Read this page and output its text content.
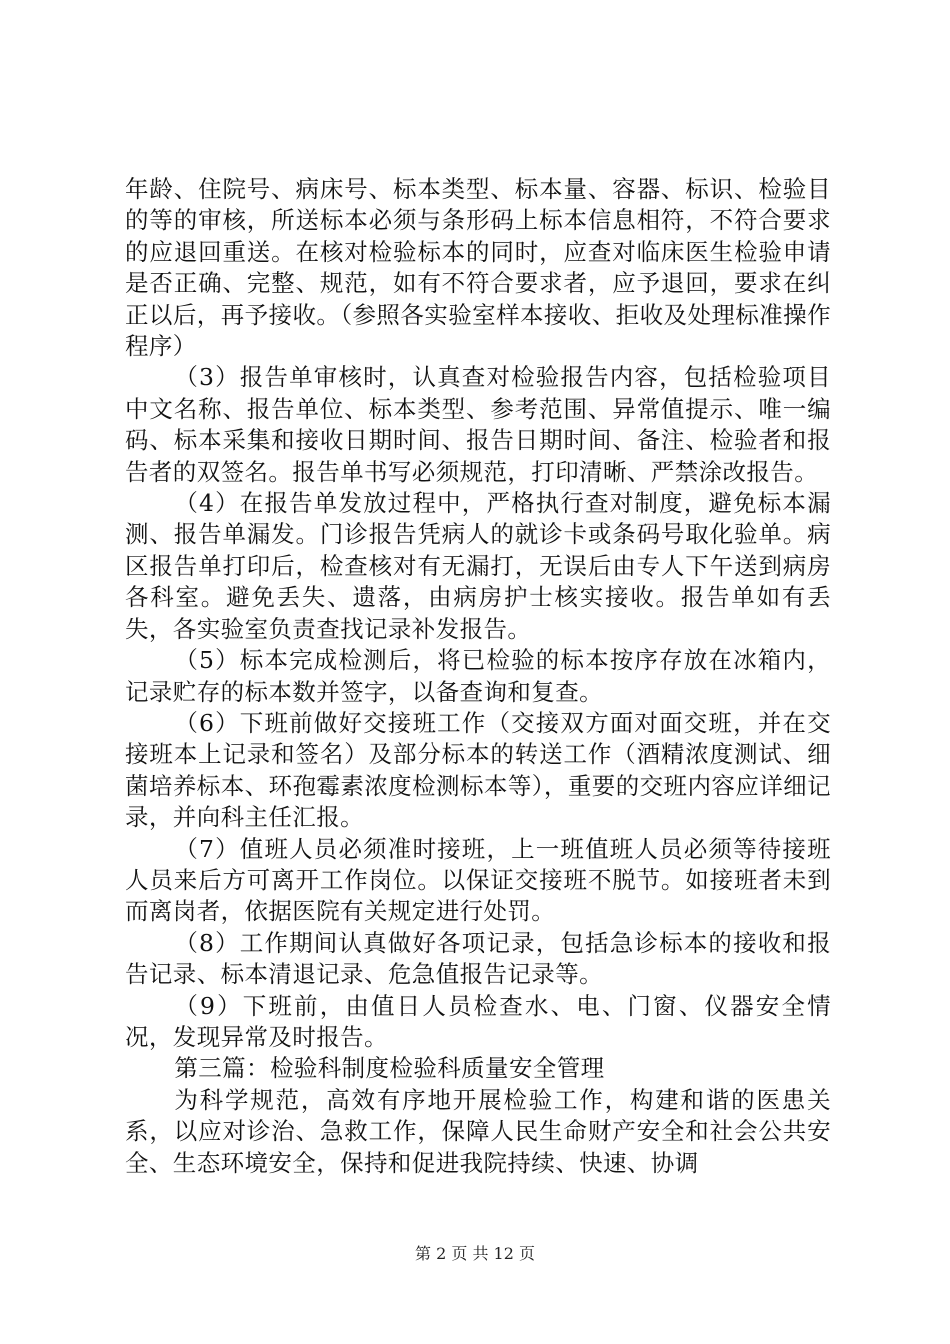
年龄、住院号、病床号、标本类型、标本量、容器、标识、检验目的等的审核，所送标本必须与条形码上标本信息相符，不符合要求的应退回重送。在核对检验标本的同时，应查对临床医生检验申请是否正确、完整、规范，如有不符合要求者，应予退回，要求在纠正以后，再予接收。（参照各实验室样本接收、拒收及处理标准操作程序）

（3）报告单审核时，认真查对检验报告内容，包括检验项目中文名称、报告单位、标本类型、参考范围、异常值提示、唯一编码、标本采集和接收日期时间、报告日期时间、备注、检验者和报告者的双签名。报告单书写必须规范，打印清晰、严禁涂改报告。

（4）在报告单发放过程中，严格执行查对制度，避免标本漏测、报告单漏发。门诊报告凭病人的就诊卡或条码号取化验单。病区报告单打印后，检查核对有无漏打，无误后由专人下午送到病房各科室。避免丢失、遗落，由病房护士核实接收。报告单如有丢失，各实验室负责查找记录补发报告。

（5）标本完成检测后，将已检验的标本按序存放在冰箱内，记录贮存的标本数并签字，以备查询和复查。

（6）下班前做好交接班工作（交接双方面对面交班，并在交接班本上记录和签名）及部分标本的转送工作（酒精浓度测试、细菌培养标本、环孢霉素浓度检测标本等），重要的交班内容应详细记录，并向科主任汇报。

（7）值班人员必须准时接班，上一班值班人员必须等待接班人员来后方可离开工作岗位。以保证交接班不脱节。如接班者未到而离岗者，依据医院有关规定进行处罚。

（8）工作期间认真做好各项记录，包括急诊标本的接收和报告记录、标本清退记录、危急值报告记录等。

（9）下班前，由值日人员检查水、电、门窗、仪器安全情况，发现异常及时报告。

第三篇：检验科制度检验科质量安全管理

为科学规范，高效有序地开展检验工作，构建和谐的医患关系，以应对诊治、急救工作，保障人民生命财产安全和社会公共安全、生态环境安全，保持和促进我院持续、快速、协调

第 2 页 共 12 页
